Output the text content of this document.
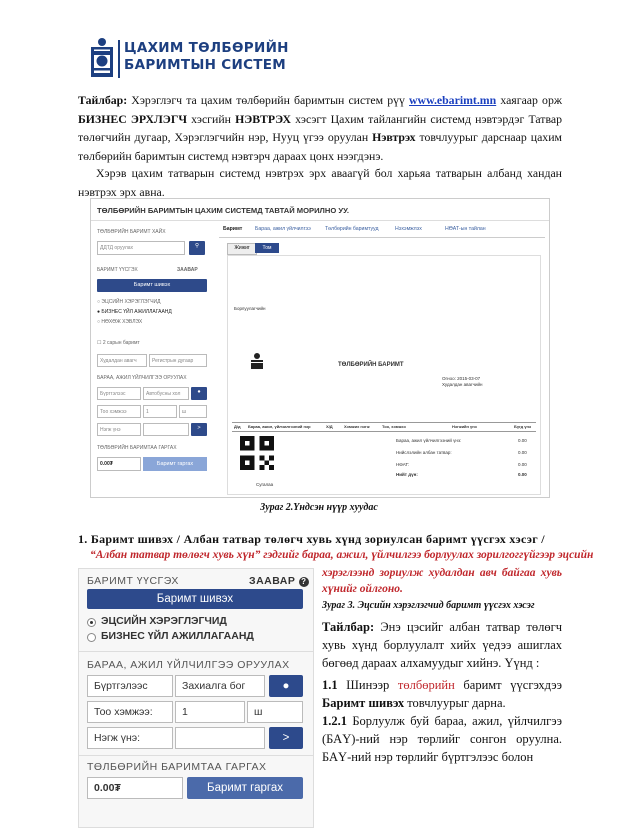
ЦАХИМ ТӨЛБӨРИЙН
БАРИМТЫН СИСТЕМ
Тайлбар: Хэрэглэгч та цахим төлбөрийн баримтын систем рүү www.ebarimt.mn хаягаар орж БИЗНЕС ЭРХЛЭГЧ хэсгийн НЭВТРЭХ хэсэгт Цахим тайлангийн системд нэвтэрдэг Татвар төлөгчийн дугаар, Хэрэглэгчийн нэр, Нууц үгээ оруулан Нэвтрэх товчлуурыг дарснаар цахим төлбөрийн баримтын системд нэвтэрч дараах цонх нээгдэнэ.
Хэрэв цахим татварын системд нэвтрэх эрх аваагүй бол харьяа татварын албанд хандан нэвтрэх эрх авна.
ТӨЛБӨРИЙН БАРИМТЫН ЦАХИМ СИСТЕМД ТАВТАЙ МОРИЛНО УУ.
ТӨЛБӨРИЙН БАРИМТ ХАЙХ
ДДТД оруулах	⚲
БАРИМТ ҮҮСГЭХ	ЗААВАР
Баримт шивэх
○ ЭЦСИЙН ХЭРЭГЛЭГЧИД
● БИЗНЕС ҮЙЛ АЖИЛЛАГААНД
○ НӨХӨЖ ХЭВЛЭХ
☐ 2 сарын баримт
Худалдан авагч	Регистрын дугаар
БАРАА, АЖИЛ ҮЙЛЧИЛГЭЭ ОРУУЛАХ
Бүртгэлээс	Автобусны хол	●
Тоо хэмжээ	1	ш
Нэгж үнэ	>
ТӨЛБӨРИЙН БАРИМТАА ГАРГАХ
0.00₮	Баримт гаргах
Баримт Бараа, ажил үйлчилгээ	Төлбөрийн баримтууд	Нэхэмжлэх	НӨАТ-ын тайлан
Жижиг	Том
Борлуулагчийн
ТӨЛБӨРИЙН БАРИМТ
Огноо: 2015-03-07
Худалдан авагчийн
Д/д Бараа, ажил, үйлчилгээний нэр	Х/Д	Хэмжих нэгж	Тоо, хэмжээ	Нэгжийн үнэ	Бүгд үнэ
Бараа, ажил үйлчилгээний үнэ:	0.00
Нийслэлийн албан татвар:	0.00
НӨАТ:	0.00
Нийт дүн:	0.00
Сугалаа
Зураг 2.Үндсэн нүүр хуудас
1. Баримт шивэх / Албан татвар төлөгч хувь хүнд зориулсан баримт үүсгэх хэсэг /
“Албан татвар төлөгч хувь хүн” гэдгийг бараа, ажил, үйлчилгээ борлуулах зорилгоггүйгээр эцсийн
хэрэглээнд зориулж худалдан авч байгаа хувь хүнийг ойлгоно.
БАРИМТ ҮҮСГЭХ	ЗААВАР ?
Баримт шивэх
ЭЦСИЙН ХЭРЭГЛЭГЧИД
БИЗНЕС ҮЙЛ АЖИЛЛАГААНД
БАРАА, АЖИЛ ҮЙЛЧИЛГЭЭ ОРУУЛАХ
Бүртгэлээс	Захиалга бог	●
Тоо хэмжээ:	1	ш
Нэгж үнэ:	>
ТӨЛБӨРИЙН БАРИМТАА ГАРГАХ
0.00₮	Баримт гаргах
Зураг 3. Эцсийн хэрэглэгчид баримт үүсгэх хэсэг
Тайлбар: Энэ цэсийг албан татвар төлөгч хувь хүнд борлуулалт хийх үедээ ашиглах бөгөөд дараах алхамуудыг хийнэ. Үүнд :
1.1 Шинээр төлбөрийн баримт үүсгэхдээ Баримт шивэх товчлуурыг дарна.
1.2.1 Борлуулж буй бараа, ажил, үйлчилгээ (БАҮ)-ний нэр төрлийг сонгон оруулна. БАҮ-ний нэр төрлийг бүртгэлээс болон
